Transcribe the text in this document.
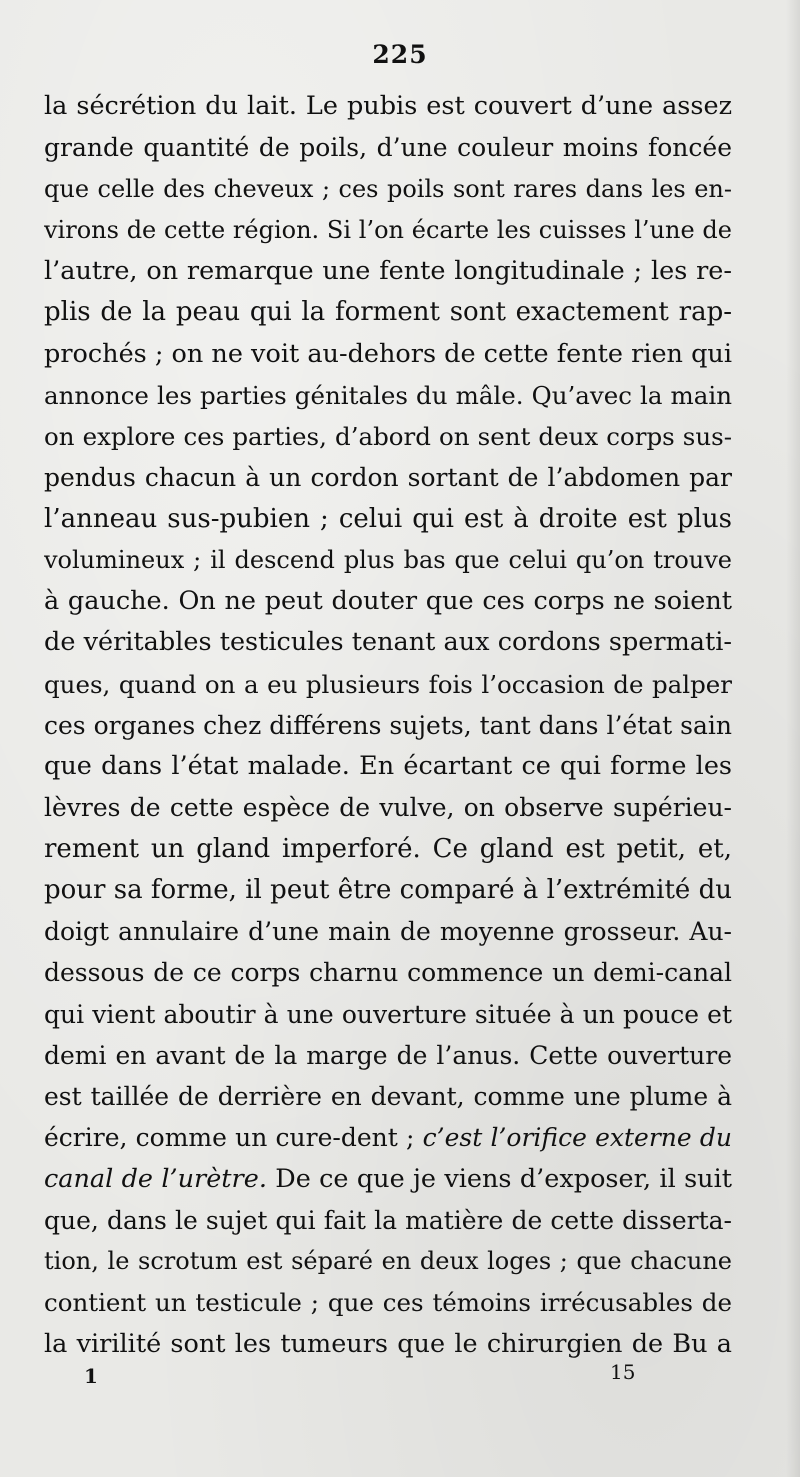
225
la sécrétion du lait. Le pubis est couvert d’une assez
grande quantité de poils, d’une couleur moins foncée
que celle des cheveux ; ces poils sont rares dans les en-
virons de cette région. Si l’on écarte les cuisses l’une de
l’autre, on remarque une fente longitudinale ; les re-
plis de la peau qui la forment sont exactement rap-
prochés ; on ne voit au-dehors de cette fente rien qui
annonce les parties génitales du mâle. Qu’avec la main
on explore ces parties, d’abord on sent deux corps sus-
pendus chacun à un cordon sortant de l’abdomen par
l’anneau sus-pubien ; celui qui est à droite est plus
volumineux ; il descend plus bas que celui qu’on trouve
à gauche. On ne peut douter que ces corps ne soient
de véritables testicules tenant aux cordons spermati-
ques, quand on a eu plusieurs fois l’occasion de palper
ces organes chez différens sujets, tant dans l’état sain
que dans l’état malade. En écartant ce qui forme les
lèvres de cette espèce de vulve, on observe supérieu-
rement un gland imperforé. Ce gland est petit, et,
pour sa forme, il peut être comparé à l’extrémité du
doigt annulaire d’une main de moyenne grosseur. Au-
dessous de ce corps charnu commence un demi-canal
qui vient aboutir à une ouverture située à un pouce et
demi en avant de la marge de l’anus. Cette ouverture
est taillée de derrière en devant, comme une plume à
écrire, comme un cure-dent ; c’est l’orifice externe du
canal de l’urètre. De ce que je viens d’exposer, il suit
que, dans le sujet qui fait la matière de cette disserta-
tion, le scrotum est séparé en deux loges ; que chacune
contient un testicule ; que ces témoins irrécusables de
la virilité sont les tumeurs que le chirurgien de Bu a
1	15
